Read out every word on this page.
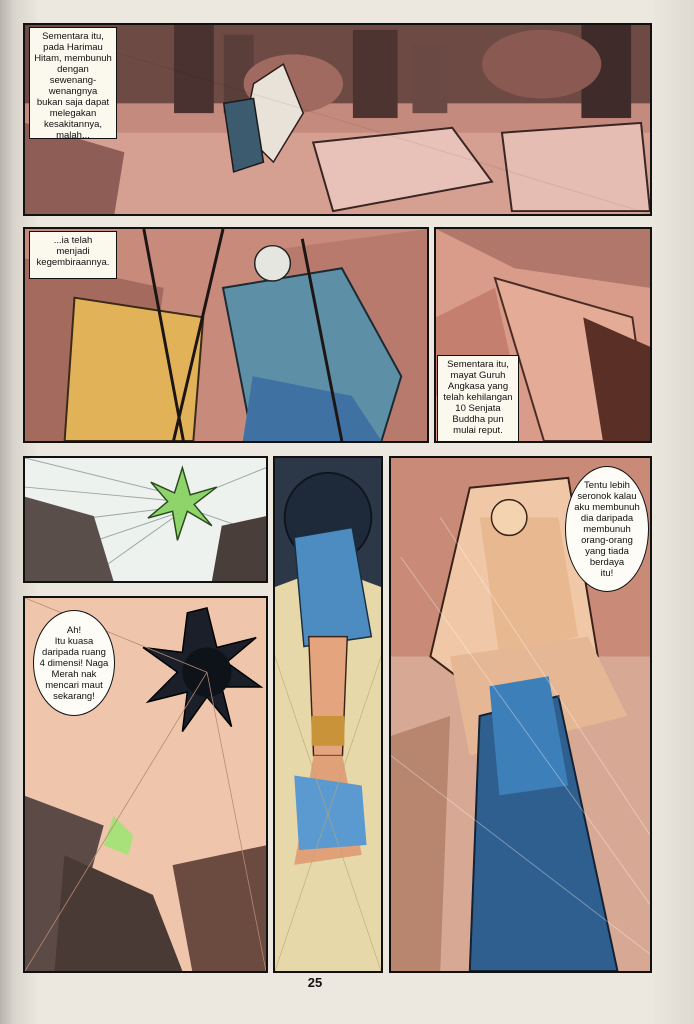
Sementara itu,
pada Harimau
Hitam, membunuh
dengan sewenang-
wenangnya
bukan saja dapat
melegakan
kesakitannya,
malah...
...ia telah
menjadi
kegembiraannya.
Sementara itu,
mayat Guruh
Angkasa yang
telah kehilangan
10 Senjata
Buddha pun
mulai reput.
Tentu lebih
seronok kalau
aku membunuh
dia daripada
membunuh
orang-orang
yang tiada
berdaya
itu!
Ah!
Itu kuasa
daripada ruang
4 dimensi! Naga
Merah nak
mencari maut
sekarang!
25
